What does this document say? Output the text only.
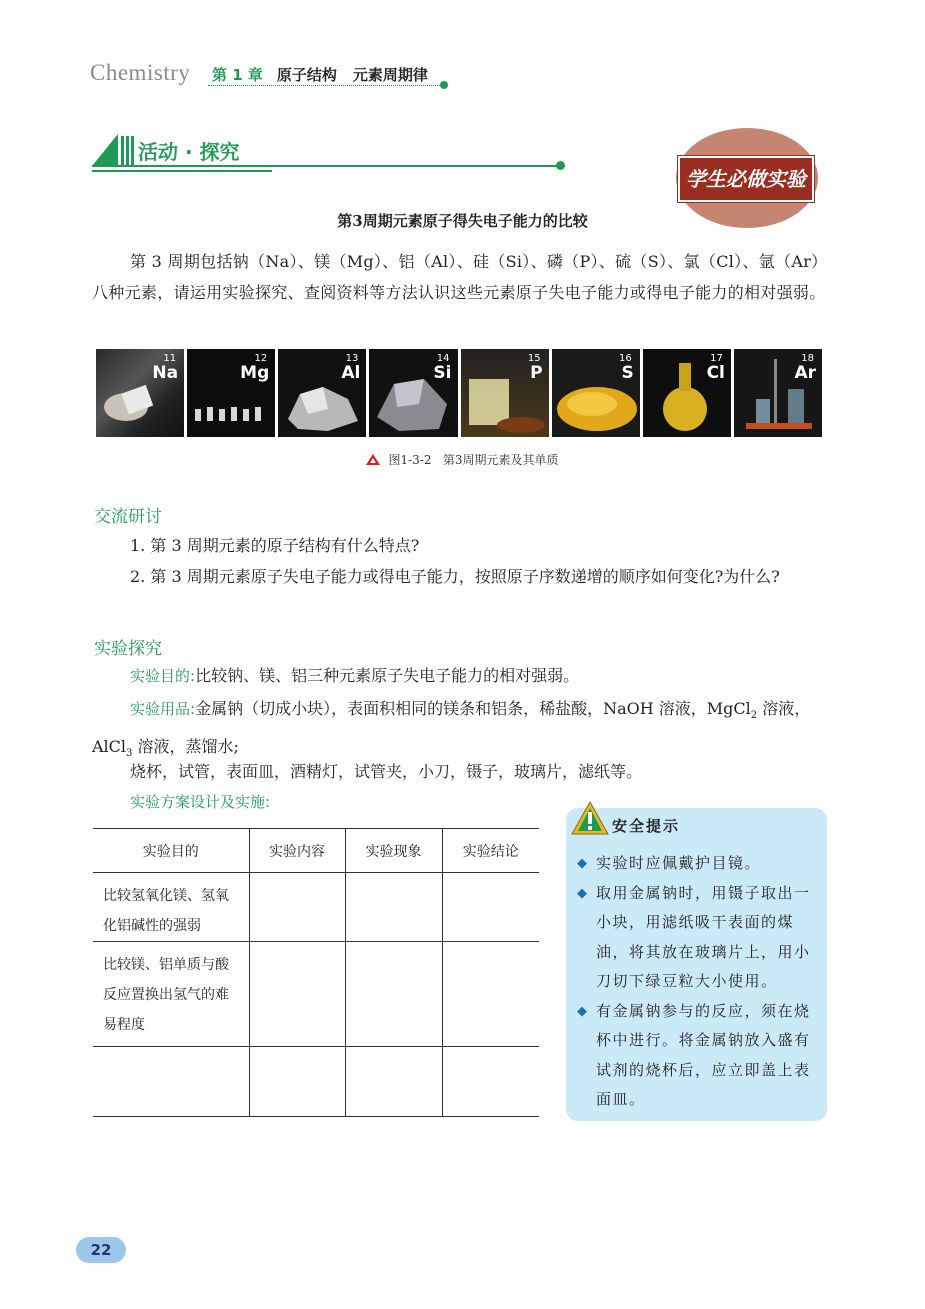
Chemistry 第 1 章 原子结构 元素周期律
活动 · 探究
学生必做实验
第3周期元素原子得失电子能力的比较
第 3 周期包括钠（Na）、镁（Mg）、铝（Al）、硅（Si）、磷（P）、硫（S）、氯（Cl）、氩（Ar）八种元素，请运用实验探究、查阅资料等方法认识这些元素原子失电子能力或得电子能力的相对强弱。
11
Na
12
Mg
13
Al
14
Si
15
P
16
S
17
Cl
18
Ar
图1-3-2 第3周期元素及其单质
交流研讨
1. 第 3 周期元素的原子结构有什么特点?
2. 第 3 周期元素原子失电子能力或得电子能力，按照原子序数递增的顺序如何变化?为什么?
实验探究
实验目的:比较钠、镁、铝三种元素原子失电子能力的相对强弱。
实验用品:金属钠（切成小块），表面积相同的镁条和铝条，稀盐酸，NaOH 溶液，MgCl$_2$ 溶液，AlCl$_3$ 溶液，蒸馏水;
烧杯，试管，表面皿，酒精灯，试管夹，小刀，镊子，玻璃片，滤纸等。
实验方案设计及实施:
实验目的	实验内容	实验现象	实验结论
比较氢氧化镁、氢氧化铝碱性的强弱			
比较镁、铝单质与酸反应置换出氢气的难易程度			

安全提示
◆ 实验时应佩戴护目镜。
◆ 取用金属钠时，用镊子取出一小块，用滤纸吸干表面的煤油，将其放在玻璃片上，用小刀切下绿豆粒大小使用。
◆ 有金属钠参与的反应，须在烧杯中进行。将金属钠放入盛有试剂的烧杯后，应立即盖上表面皿。
22
